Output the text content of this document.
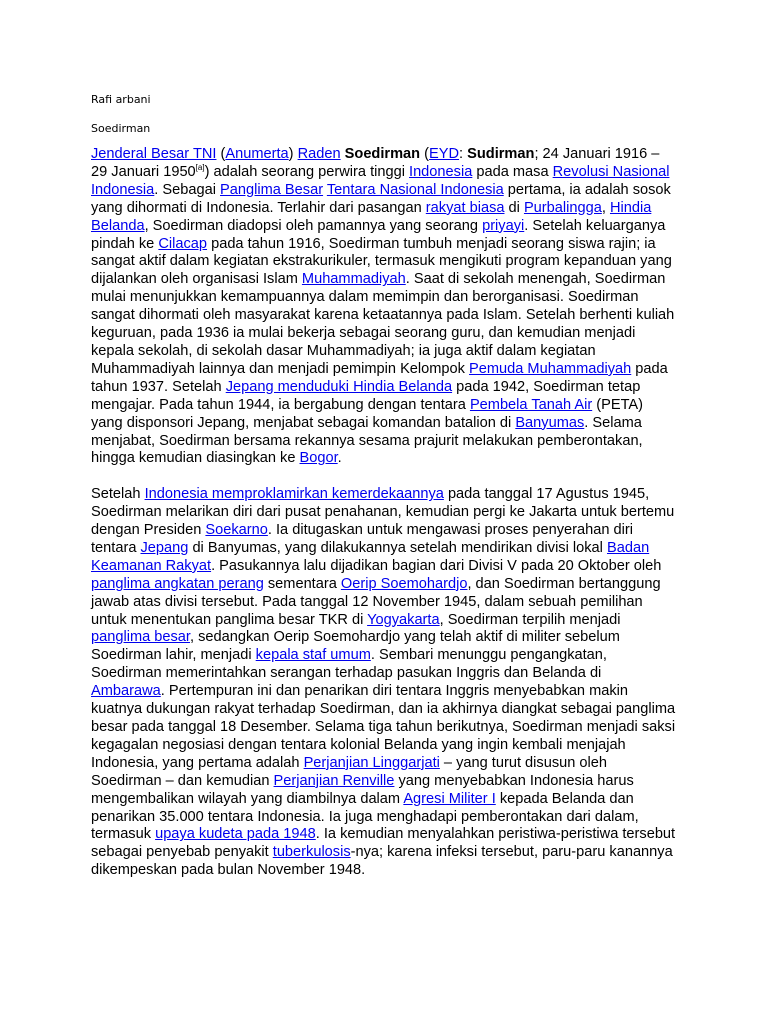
Rafi arbani

Soedirman

Jenderal Besar TNI (Anumerta) Raden Soedirman (EYD: Sudirman; 24 Januari 1916 – 29 Januari 1950[a]) adalah seorang perwira tinggi Indonesia pada masa Revolusi Nasional Indonesia. Sebagai Panglima Besar Tentara Nasional Indonesia pertama, ia adalah sosok yang dihormati di Indonesia. Terlahir dari pasangan rakyat biasa di Purbalingga, Hindia Belanda, Soedirman diadopsi oleh pamannya yang seorang priyayi. Setelah keluarganya pindah ke Cilacap pada tahun 1916, Soedirman tumbuh menjadi seorang siswa rajin; ia sangat aktif dalam kegiatan ekstrakurikuler, termasuk mengikuti program kepanduan yang dijalankan oleh organisasi Islam Muhammadiyah. Saat di sekolah menengah, Soedirman mulai menunjukkan kemampuannya dalam memimpin dan berorganisasi. Soedirman sangat dihormati oleh masyarakat karena ketaatannya pada Islam. Setelah berhenti kuliah keguruan, pada 1936 ia mulai bekerja sebagai seorang guru, dan kemudian menjadi kepala sekolah, di sekolah dasar Muhammadiyah; ia juga aktif dalam kegiatan Muhammadiyah lainnya dan menjadi pemimpin Kelompok Pemuda Muhammadiyah pada tahun 1937. Setelah Jepang menduduki Hindia Belanda pada 1942, Soedirman tetap mengajar. Pada tahun 1944, ia bergabung dengan tentara Pembela Tanah Air (PETA) yang disponsori Jepang, menjabat sebagai komandan batalion di Banyumas. Selama menjabat, Soedirman bersama rekannya sesama prajurit melakukan pemberontakan, hingga kemudian diasingkan ke Bogor.

Setelah Indonesia memproklamirkan kemerdekaannya pada tanggal 17 Agustus 1945, Soedirman melarikan diri dari pusat penahanan, kemudian pergi ke Jakarta untuk bertemu dengan Presiden Soekarno. Ia ditugaskan untuk mengawasi proses penyerahan diri tentara Jepang di Banyumas, yang dilakukannya setelah mendirikan divisi lokal Badan Keamanan Rakyat. Pasukannya lalu dijadikan bagian dari Divisi V pada 20 Oktober oleh panglima angkatan perang sementara Oerip Soemohardjo, dan Soedirman bertanggung jawab atas divisi tersebut. Pada tanggal 12 November 1945, dalam sebuah pemilihan untuk menentukan panglima besar TKR di Yogyakarta, Soedirman terpilih menjadi panglima besar, sedangkan Oerip Soemohardjo yang telah aktif di militer sebelum Soedirman lahir, menjadi kepala staf umum. Sembari menunggu pengangkatan, Soedirman memerintahkan serangan terhadap pasukan Inggris dan Belanda di Ambarawa. Pertempuran ini dan penarikan diri tentara Inggris menyebabkan makin kuatnya dukungan rakyat terhadap Soedirman, dan ia akhirnya diangkat sebagai panglima besar pada tanggal 18 Desember. Selama tiga tahun berikutnya, Soedirman menjadi saksi kegagalan negosiasi dengan tentara kolonial Belanda yang ingin kembali menjajah Indonesia, yang pertama adalah Perjanjian Linggarjati – yang turut disusun oleh Soedirman – dan kemudian Perjanjian Renville yang menyebabkan Indonesia harus mengembalikan wilayah yang diambilnya dalam Agresi Militer I kepada Belanda dan penarikan 35.000 tentara Indonesia. Ia juga menghadapi pemberontakan dari dalam, termasuk upaya kudeta pada 1948. Ia kemudian menyalahkan peristiwa-peristiwa tersebut sebagai penyebab penyakit tuberkulosis-nya; karena infeksi tersebut, paru-paru kanannya dikempeskan pada bulan November 1948.
